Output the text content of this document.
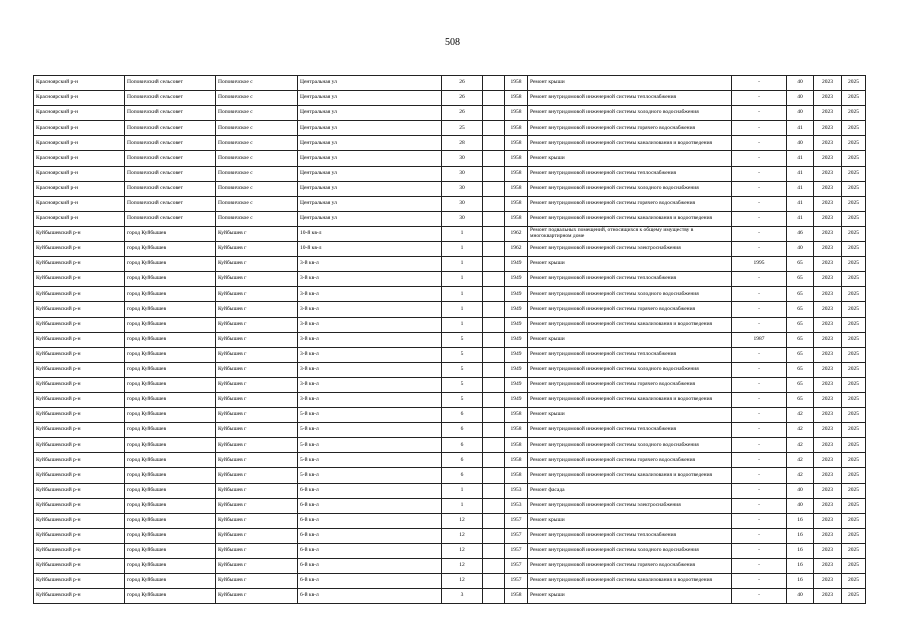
508
Красноярский р-н	Поповичский сельсовет	Поповичское с	Центральная ул	26		1958	Ремонт крыши	-	40	2023	2025
Красноярский р-н	Поповичский сельсовет	Поповичское с	Центральная ул	26		1958	Ремонт внутридомовой инженерной системы теплоснабжения	-	40	2023	2025
Красноярский р-н	Поповичский сельсовет	Поповичское с	Центральная ул	26		1958	Ремонт внутридомовой инженерной системы холодного водоснабжения	-	40	2023	2025
Красноярский р-н	Поповичский сельсовет	Поповичское с	Центральная ул	25		1958	Ремонт внутридомовой инженерной системы горячего водоснабжения	-	41	2023	2025
Красноярский р-н	Поповичский сельсовет	Поповичское с	Центральная ул	28		1958	Ремонт внутридомовой инженерной системы канализования и водоотведения	-	40	2023	2025
Красноярский р-н	Поповичский сельсовет	Поповичское с	Центральная ул	30		1958	Ремонт крыши	-	41	2023	2025
Красноярский р-н	Поповичский сельсовет	Поповичское с	Центральная ул	30		1958	Ремонт внутридомовой инженерной системы теплоснабжения	-	41	2023	2025
Красноярский р-н	Поповичский сельсовет	Поповичское с	Центральная ул	30		1958	Ремонт внутридомовой инженерной системы холодного водоснабжения	-	41	2023	2025
Красноярский р-н	Поповичский сельсовет	Поповичское с	Центральная ул	30		1958	Ремонт внутридомовой инженерной системы горячего водоснабжения	-	41	2023	2025
Красноярский р-н	Поповичский сельсовет	Поповичское с	Центральная ул	30		1958	Ремонт внутридомовой инженерной системы канализования и водоотведения	-	41	2023	2025
Куйбышевский р-н	город Куйбышев	Куйбышев г	10-й кв-л	1		1962	Ремонт подвальных помещений, относящихся к общему имуществу в многоквартирном доме	-	46	2023	2025
Куйбышевский р-н	город Куйбышев	Куйбышев г	10-й кв-л	1		1962	Ремонт внутридомовой инженерной системы электроснабжения	-	40	2023	2025
Куйбышевский р-н	город Куйбышев	Куйбышев г	3-й кв-л	1		1949	Ремонт крыши	1995	65	2023	2025
Куйбышевский р-н	город Куйбышев	Куйбышев г	3-й кв-л	1		1949	Ремонт внутридомовой инженерной системы теплоснабжения	-	65	2023	2025
Куйбышевский р-н	город Куйбышев	Куйбышев г	3-й кв-л	1		1949	Ремонт внутридомовой инженерной системы холодного водоснабжения	-	65	2023	2025
Куйбышевский р-н	город Куйбышев	Куйбышев г	3-й кв-л	1		1949	Ремонт внутридомовой инженерной системы горячего водоснабжения	-	65	2023	2025
Куйбышевский р-н	город Куйбышев	Куйбышев г	3-й кв-л	1		1949	Ремонт внутридомовой инженерной системы канализования и водоотведения	-	65	2023	2025
Куйбышевский р-н	город Куйбышев	Куйбышев г	3-й кв-л	5		1949	Ремонт крыши	1987	65	2023	2025
Куйбышевский р-н	город Куйбышев	Куйбышев г	3-й кв-л	5		1949	Ремонт внутридомовой инженерной системы теплоснабжения	-	65	2023	2025
Куйбышевский р-н	город Куйбышев	Куйбышев г	3-й кв-л	5		1949	Ремонт внутридомовой инженерной системы холодного водоснабжения	-	65	2023	2025
Куйбышевский р-н	город Куйбышев	Куйбышев г	3-й кв-л	5		1949	Ремонт внутридомовой инженерной системы горячего водоснабжения	-	65	2023	2025
Куйбышевский р-н	город Куйбышев	Куйбышев г	3-й кв-л	5		1949	Ремонт внутридомовой инженерной системы канализования и водоотведения	-	65	2023	2025
Куйбышевский р-н	город Куйбышев	Куйбышев г	5-й кв-л	6		1958	Ремонт крыши	-	42	2023	2025
Куйбышевский р-н	город Куйбышев	Куйбышев г	5-й кв-л	6		1958	Ремонт внутридомовой инженерной системы теплоснабжения	-	42	2023	2025
Куйбышевский р-н	город Куйбышев	Куйбышев г	5-й кв-л	6		1958	Ремонт внутридомовой инженерной системы холодного водоснабжения	-	42	2023	2025
Куйбышевский р-н	город Куйбышев	Куйбышев г	5-й кв-л	6		1958	Ремонт внутридомовой инженерной системы горячего водоснабжения	-	42	2023	2025
Куйбышевский р-н	город Куйбышев	Куйбышев г	5-й кв-л	6		1958	Ремонт внутридомовой инженерной системы канализования и водоотведения	-	42	2023	2025
Куйбышевский р-н	город Куйбышев	Куйбышев г	6-й кв-л	1		1953	Ремонт фасада	-	40	2023	2025
Куйбышевский р-н	город Куйбышев	Куйбышев г	6-й кв-л	1		1953	Ремонт внутридомовой инженерной системы электроснабжения	-	40	2023	2025
Куйбышевский р-н	город Куйбышев	Куйбышев г	6-й кв-л	12		1957	Ремонт крыши	-	16	2023	2025
Куйбышевский р-н	город Куйбышев	Куйбышев г	6-й кв-л	12		1957	Ремонт внутридомовой инженерной системы теплоснабжения	-	16	2023	2025
Куйбышевский р-н	город Куйбышев	Куйбышев г	6-й кв-л	12		1957	Ремонт внутридомовой инженерной системы холодного водоснабжения	-	16	2023	2025
Куйбышевский р-н	город Куйбышев	Куйбышев г	6-й кв-л	12		1957	Ремонт внутридомовой инженерной системы горячего водоснабжения	-	16	2023	2025
Куйбышевский р-н	город Куйбышев	Куйбышев г	6-й кв-л	12		1957	Ремонт внутридомовой инженерной системы канализования и водоотведения	-	16	2023	2025
Куйбышевский р-н	город Куйбышев	Куйбышев г	6-й кв-л	3		1958	Ремонт крыши	-	40	2023	2025
